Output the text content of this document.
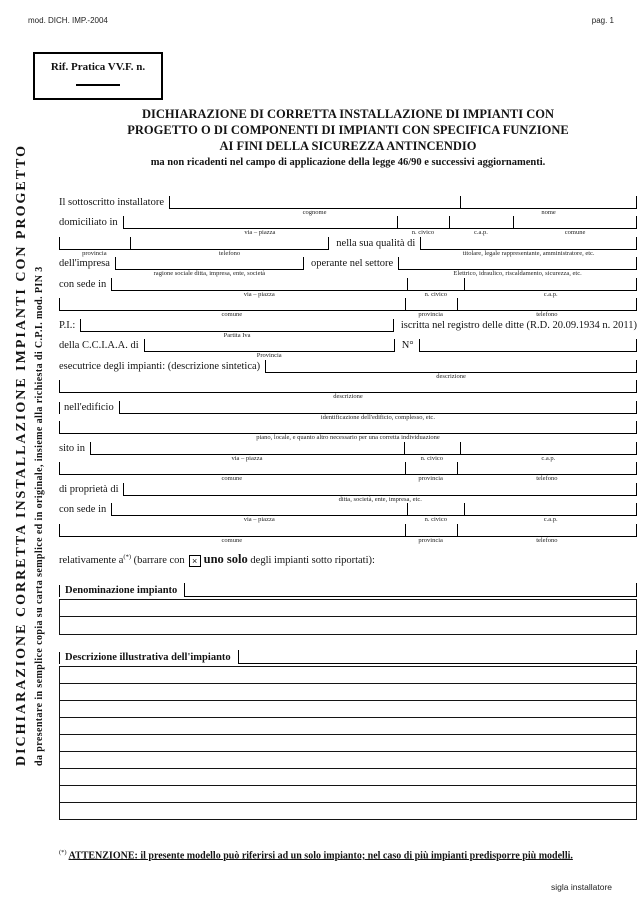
mod. DICH. IMP.-2004	pag. 1
Rif. Pratica VV.F. n.
DICHIARAZIONE DI CORRETTA INSTALLAZIONE DI IMPIANTI CON
PROGETTO O DI COMPONENTI DI IMPIANTI CON SPECIFICA FUNZIONE
AI FINI DELLA SICUREZZA ANTINCENDIO
ma non ricadenti nel campo di applicazione della legge 46/90 e successivi aggiornamenti.
DICHIARAZIONE CORRETTA INSTALLAZIONE IMPIANTI CON PROGETTO da presentare in semplice copia su carta semplice ed in originale, insieme alla richiesta di C.P.I. mod. PIN 3
Il sottoscritto installatore
cognome	nome
domiciliato in
via – piazza	n. civico	c.a.p.	comune
provincia	telefono
nella sua qualità di
titolare, legale rappresentante, amministratore, etc.
dell'impresa
ragione sociale ditta, impresa, ente, società
operante nel settore
Elettrico, idraulico, riscaldamento, sicurezza, etc.
con sede in
via – piazza	n. civico	c.a.p.
comune	provincia	telefono
P.I.:
Partita Iva
iscritta nel registro delle ditte (R.D. 20.09.1934 n. 2011)
della C.C.I.A.A. di
Provincia
N°
esecutrice degli impianti: (descrizione sintetica)
descrizione
descrizione
nell'edificio
identificazione dell'edificio, complesso, etc.
piano, locale, e quanto altro necessario per una corretta individuazione
sito in
via – piazza	n. civico	c.a.p.
comune	provincia	telefono
di proprietà di
ditta, società, ente, impresa, etc.
con sede in
via – piazza	n. civico	c.a.p.
comune	provincia	telefono
relativamente a(*) (barrare con × uno solo degli impianti sotto riportati):
Denominazione impianto
Descrizione illustrativa dell'impianto
(*) ATTENZIONE: il presente modello può riferirsi ad un solo impianto; nel caso di più impianti predisporre più modelli.
sigla installatore
